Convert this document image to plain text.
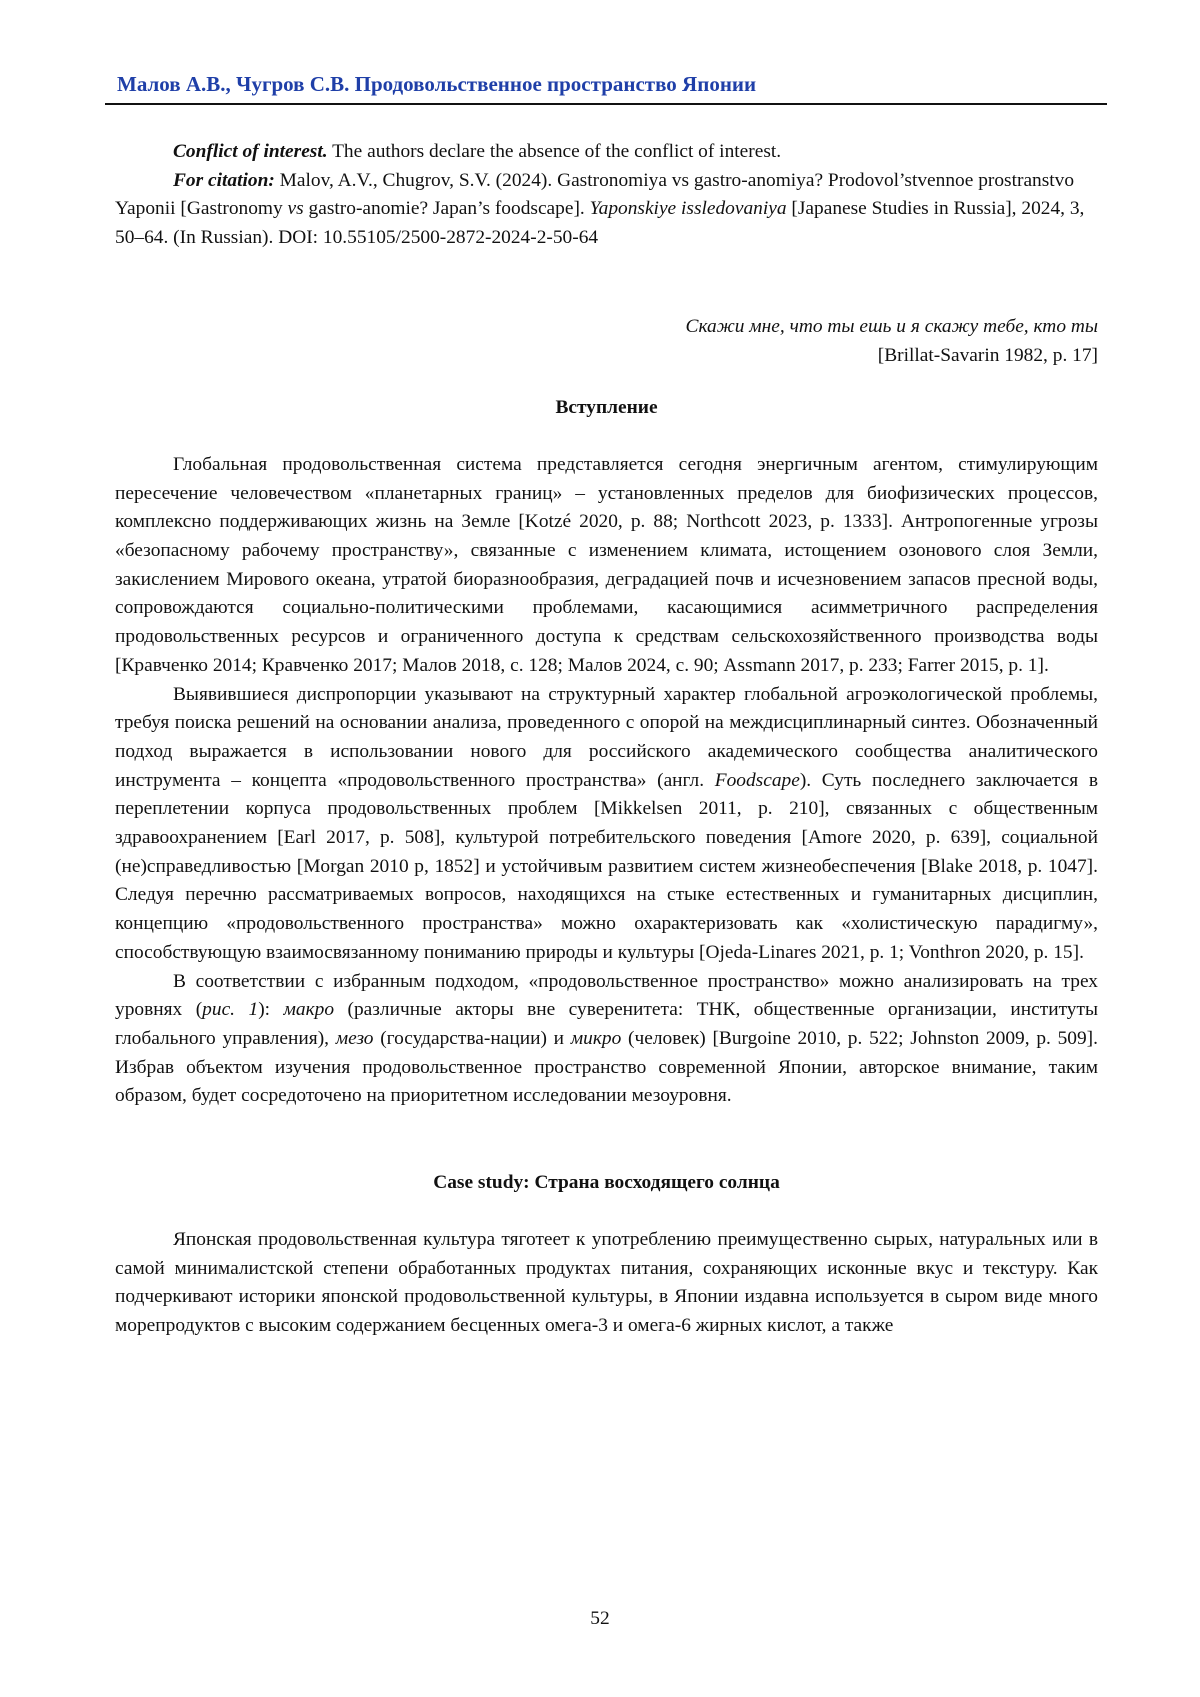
Малов А.В., Чугров С.В. Продовольственное пространство Японии

Conflict of interest. The authors declare the absence of the conflict of interest.

For citation: Malov, A.V., Chugrov, S.V. (2024). Gastronomiya vs gastro-anomiya? Prodovol’stvennoe prostranstvo Yaponii [Gastronomy vs gastro-anomie? Japan’s foodscape]. Yaponskiye issledovaniya [Japanese Studies in Russia], 2024, 3, 50–64. (In Russian). DOI: 10.55105/2500-2872-2024-2-50-64

Скажи мне, что ты ешь и я скажу тебе, кто ты

[Brillat-Savarin 1982, p. 17]

Вступление

Глобальная продовольственная система представляется сегодня энергичным агентом, стимулирующим пересечение человечеством «планетарных границ» – установленных пределов для биофизических процессов, комплексно поддерживающих жизнь на Земле [Kotzé 2020, p. 88; Northcott 2023, p. 1333]. Антропогенные угрозы «безопасному рабочему пространству», связанные с изменением климата, истощением озонового слоя Земли, закислением Мирового океана, утратой биоразнообразия, деградацией почв и исчезновением запасов пресной воды, сопровождаются социально-политическими проблемами, касающимися асимметричного распределения продовольственных ресурсов и ограниченного доступа к средствам сельскохозяйственного производства воды [Кравченко 2014; Кравченко 2017; Малов 2018, с. 128; Малов 2024, с. 90; Assmann 2017, p. 233; Farrer 2015, p. 1].

Выявившиеся диспропорции указывают на структурный характер глобальной агроэкологической проблемы, требуя поиска решений на основании анализа, проведенного с опорой на междисциплинарный синтез. Обозначенный подход выражается в использовании нового для российского академического сообщества аналитического инструмента – концепта «продовольственного пространства» (англ. Foodscape). Суть последнего заключается в переплетении корпуса продовольственных проблем [Mikkelsen 2011, p. 210], связанных с общественным здравоохранением [Earl 2017, p. 508], культурой потребительского поведения [Amore 2020, p. 639], социальной (не)справедливостью [Morgan 2010 p, 1852] и устойчивым развитием систем жизнеобеспечения [Blake 2018, p. 1047]. Следуя перечню рассматриваемых вопросов, находящихся на стыке естественных и гуманитарных дисциплин, концепцию «продовольственного пространства» можно охарактеризовать как «холистическую парадигму», способствующую взаимосвязанному пониманию природы и культуры [Ojeda-Linares 2021, p. 1; Vonthron 2020, p. 15].

В соответствии с избранным подходом, «продовольственное пространство» можно анализировать на трех уровнях (рис. 1): макро (различные акторы вне суверенитета: ТНК, общественные организации, институты глобального управления), мезо (государства-нации) и микро (человек) [Burgoine 2010, p. 522; Johnston 2009, p. 509]. Избрав объектом изучения продовольственное пространство современной Японии, авторское внимание, таким образом, будет сосредоточено на приоритетном исследовании мезоуровня.

Case study: Страна восходящего солнца

Японская продовольственная культура тяготеет к употреблению преимущественно сырых, натуральных или в самой минималистской степени обработанных продуктах питания, сохраняющих исконные вкус и текстуру. Как подчеркивают историки японской продовольственной культуры, в Японии издавна используется в сыром виде много морепродуктов с высоким содержанием бесценных омега-3 и омега-6 жирных кислот, а также

52
